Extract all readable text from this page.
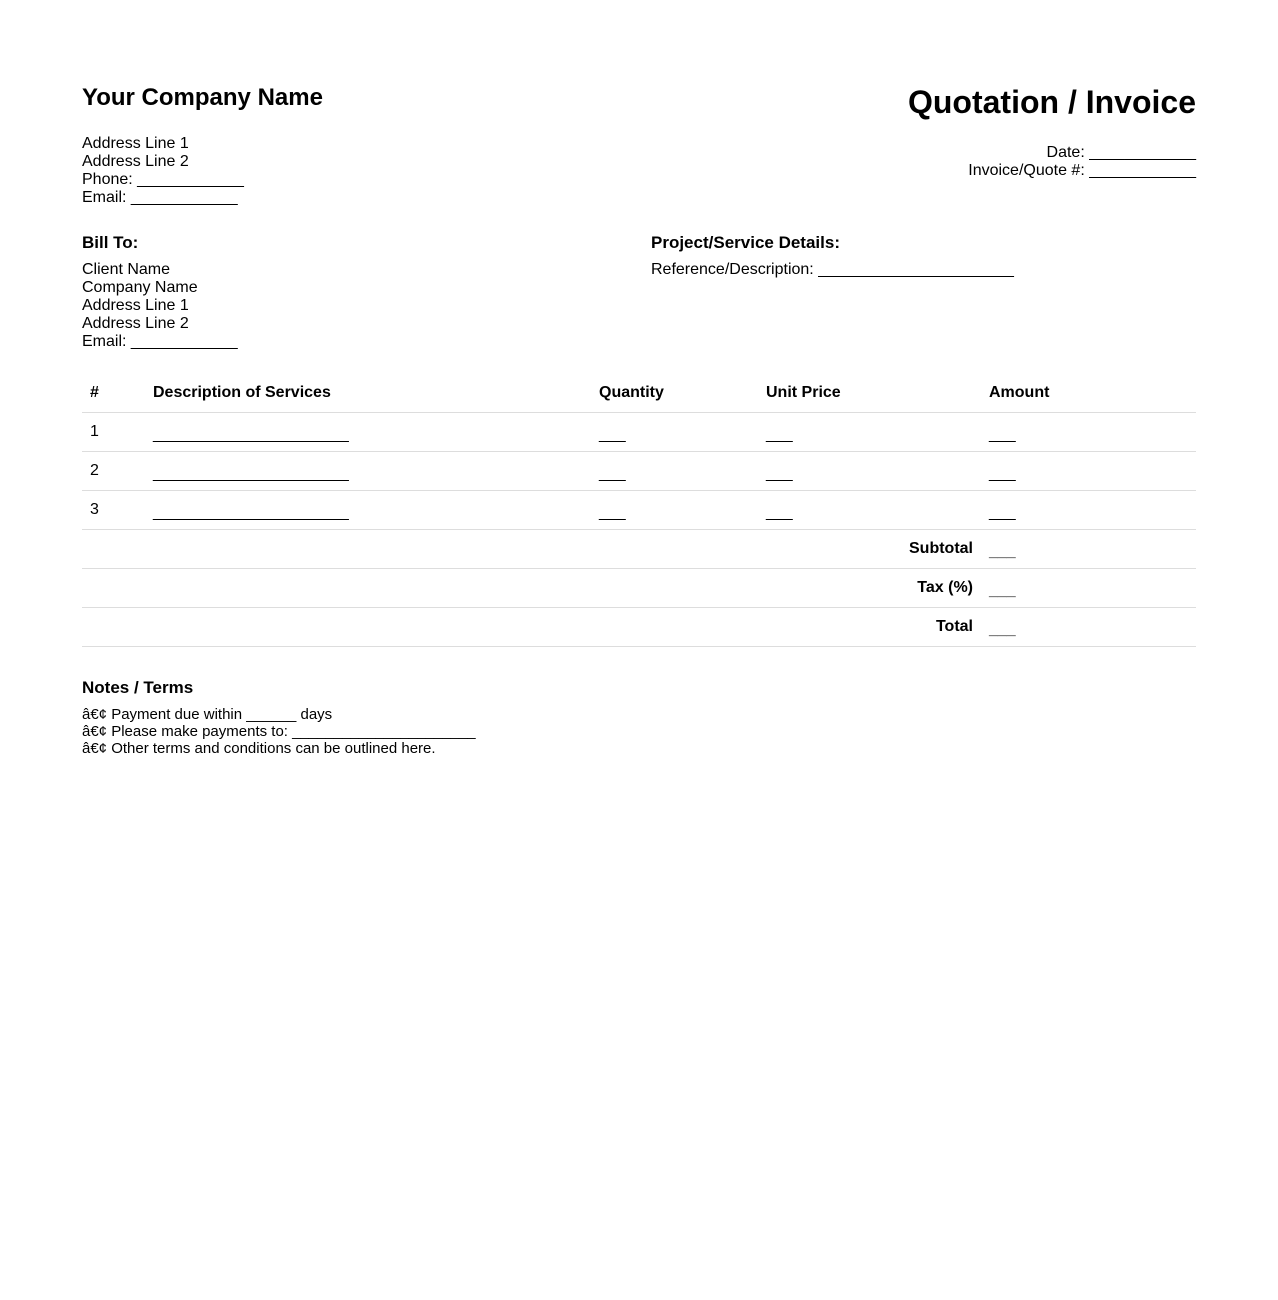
Your Company Name
Address Line 1
Address Line 2
Phone: ____________
Email: ____________
Quotation / Invoice
Date: ____________
Invoice/Quote #: ____________
Bill To:
Client Name
Company Name
Address Line 1
Address Line 2
Email: ____________
Project/Service Details:
Reference/Description: ______________________
#	Description of Services	Quantity	Unit Price	Amount
1	______________________	___	___	___
2	______________________	___	___	___
3	______________________	___	___	___
Subtotal				___
Tax (%)				___
Total				___
Notes / Terms
â€¢ Payment due within ______ days
â€¢ Please make payments to: ______________________
â€¢ Other terms and conditions can be outlined here.
